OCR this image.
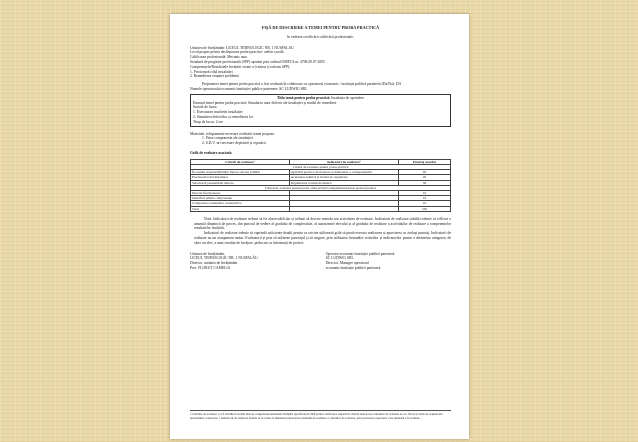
FIȘĂ DE DESCRIERE A TEMEI PENTRU PROBA PRACTICĂ
în vederea certificării calificării profesionale,
Unitatea de învățământ: LICEUL TEHNOLOGIC NR. 1 NUȘFALĂU
Locul propus pentru desfășurarea probei practice: atelier școală
Calificarea profesională: Mecanic auto
Standard de pregătire profesională (SPP) aprobat prin ordinul OMECȘ nr. 4706/29.07.2005
Competențele/Rezultatele învățării vizate a fi atinse (conform SPP):
1. Precizează rolul instalației
2. Remedierea situației problemă
Propunerea temei pentru proba practică a fost realizată în colaborare cu operatorul economic / instituția publică parteneră (Da/Nu): DA
Numele operatorului economic/instituției publice partenere: SC LUDWIG SRL
Titlu temă pentru proba practică: Instalația de aprindere
Enunțul temei pentru proba practică: Simularea unor defecte ale instalației și modul de remediere
Sarcini de lucru:
1. Executarea machetei instalației
2. Simularea defectelor și remedierea lor
Timp de lucru: 2 ore
Materiale, echipamente necesare realizării temei propuse:
1. Piese componente ale instalației
2. S.D.V.-uri necesare depistării și reparării
Grilă de evaluare asociată:
Criterii de evaluare¹	Indicatori de realizare²	Punctaj acordat
Criterii de evaluare pentru proba practică		
Își asumă responsabilitățile fișă de sarcina primită	Aplicării practice de montare și demontare a componentelor	20
Precizează rolul instalației	Acuratețea tehnică și modul de organizare	20
Selectează prezentările defecte	Organizarea locului de muncă	30
Criterii de evaluare pentru proba orală privind complementaritatea probei practice		
Descrie funcționarea		10
Identifică părțile componente		10
Compararea variantelor constructive		10
Total		100
Notă: Indicatorii de realizare trebuie să fie observabili dar și trebuie să descrie metoda sau activitatea de evaluare. Indicatorii de realizare stabiliți trebuie să reflecte o anumită dinamică de proces, din punctul de vedere al gradului de complexitate, al autonomiei elevului și al gradului de realizare a activităților de realizare a competențelor rezultatelor învățării.
Indicatorii de realizare trebuie să cuprindă suficiente detalii pentru ca oricine utilizează grila să poată executa realizarea și aprecierea cu același punctaj. Indicatorii de realizare au un aranjament unitar. Evaluatorii și prin să utilizeze punctajul și să asigure, prin utilizarea formulării criteriilor și indicatorilor pentru a determina atingerea, de către un elev, a unui rezultat de învățare, prelucrat cu informații de proiect.
Unitatea de învățământ,
LICEUL TEHNOLOGIC NR. 1 NUȘFALĂU
Director, unitatea de învățământ
Prof. FLORUȚ CAMELIA
Operator economic/instituție publică parteneră
SC LUDWIG SRL
Director, Manager operatorul
economic/instituție publică parteneră
¹ Criteriile de evaluare vor fi stabilite folosind lista de competențe/rezultatele învățării specificate în SPP pentru calificarea respectivă. Pentru elaborarea criteriilor de evaluare se vor folosi și verbe de acțiune din taxonomiile consacrate. ² Indicatorii de realizare trebuie să se refere la măsurarea/aprecierea nivelului de realizare a criteriilor de evaluare, prin precizarea aspectelor care urmează a fi evaluate.
